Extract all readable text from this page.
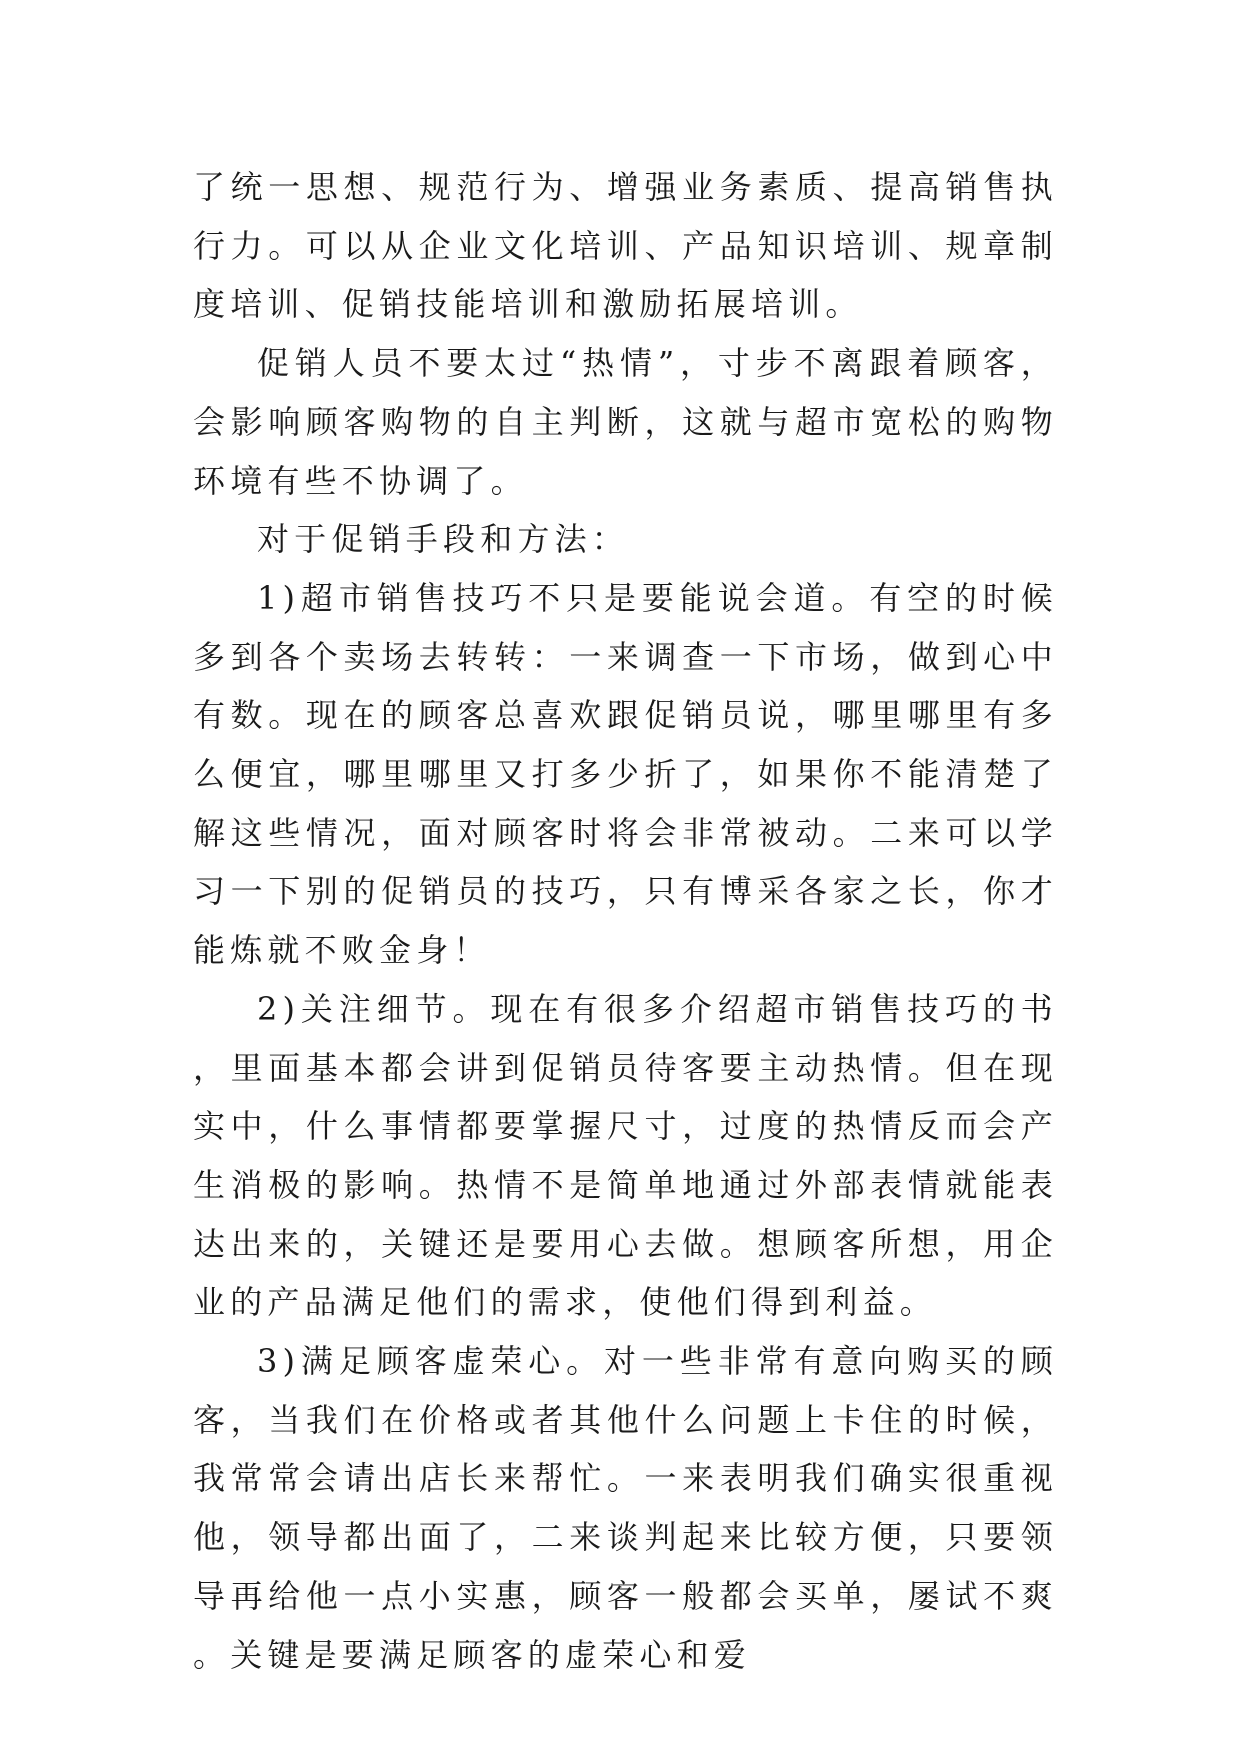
了统一思想、规范行为、增强业务素质、提高销售执行力。可以从企业文化培训、产品知识培训、规章制度培训、促销技能培训和激励拓展培训。

促销人员不要太过“热情”，寸步不离跟着顾客，会影响顾客购物的自主判断，这就与超市宽松的购物环境有些不协调了。

对于促销手段和方法：

1)超市销售技巧不只是要能说会道。有空的时候多到各个卖场去转转：一来调查一下市场，做到心中有数。现在的顾客总喜欢跟促销员说，哪里哪里有多么便宜，哪里哪里又打多少折了，如果你不能清楚了解这些情况，面对顾客时将会非常被动。二来可以学习一下别的促销员的技巧，只有博采各家之长，你才能炼就不败金身！

2)关注细节。现在有很多介绍超市销售技巧的书，里面基本都会讲到促销员待客要主动热情。但在现实中，什么事情都要掌握尺寸，过度的热情反而会产生消极的影响。热情不是简单地通过外部表情就能表达出来的，关键还是要用心去做。想顾客所想，用企业的产品满足他们的需求，使他们得到利益。

3)满足顾客虚荣心。对一些非常有意向购买的顾客，当我们在价格或者其他什么问题上卡住的时候，我常常会请出店长来帮忙。一来表明我们确实很重视他，领导都出面了，二来谈判起来比较方便，只要领导再给他一点小实惠，顾客一般都会买单，屡试不爽。关键是要满足顾客的虚荣心和爱
